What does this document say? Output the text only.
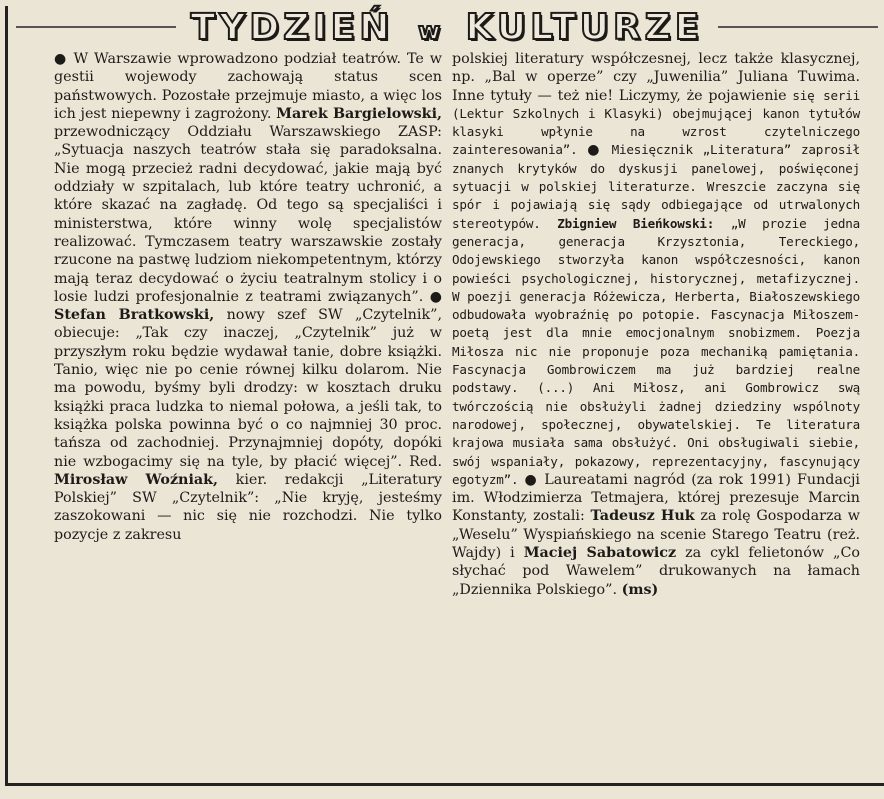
TYDZIEŃ w KULTURZE

● W Warszawie wprowadzono podział teatrów. Te w gestii wojewody zachowają status scen państwowych. Pozostałe przejmuje miasto, a więc los ich jest niepewny i zagrożony. Marek Bargielowski, przewodniczący Oddziału Warszawskiego ZASP: „Sytuacja naszych teatrów stała się paradoksalna. Nie mogą przecież radni decydować, jakie mają być oddziały w szpitalach, lub które teatry uchronić, a które skazać na zagładę. Od tego są specjaliści i ministerstwa, które winny wolę specjalistów realizować. Tymczasem teatry warszawskie zostały rzucone na pastwę ludziom niekompetentnym, którzy mają teraz decydować o życiu teatralnym stolicy i o losie ludzi profesjonalnie z teatrami związanych”. ● Stefan Bratkowski, nowy szef SW „Czytelnik”, obiecuje: „Tak czy inaczej, „Czytelnik” już w przyszłym roku będzie wydawał tanie, dobre książki. Tanio, więc nie po cenie równej kilku dolarom. Nie ma powodu, byśmy byli drodzy: w kosztach druku książki praca ludzka to niemal połowa, a jeśli tak, to książka polska powinna być o co najmniej 30 proc. tańsza od zachodniej. Przynajmniej dopóty, dopóki nie wzbogacimy się na tyle, by płacić więcej”. Red. Mirosław Woźniak, kier. redakcji „Literatury Polskiej” SW „Czytelnik”: „Nie kryję, jesteśmy zaszokowani — nic się nie rozchodzi. Nie tylko pozycje z zakresu

polskiej literatury współczesnej, lecz także klasycznej, np. „Bal w operze” czy „Juwenilia” Juliana Tuwima. Inne tytuły — też nie! Liczymy, że pojawienie się serii (Lektur Szkolnych i Klasyki) obejmującej kanon tytułów klasyki wpłynie na wzrost czytelniczego zainteresowania”. ● Miesięcznik „Literatura” zaprosił znanych krytyków do dyskusji panelowej, poświęconej sytuacji w polskiej literaturze. Wreszcie zaczyna się spór i pojawiają się sądy odbiegające od utrwalonych stereotypów. Zbigniew Bieńkowski: „W prozie jedna generacja, generacja Krzysztonia, Tereckiego, Odojewskiego stworzyła kanon współczesności, kanon powieści psychologicznej, historycznej, metafizycznej. W poezji generacja Różewicza, Herberta, Białoszewskiego odbudowała wyobraźnię po potopie. Fascynacja Miłoszem-poetą jest dla mnie emocjonalnym snobizmem. Poezja Miłosza nic nie proponuje poza mechaniką pamiętania. Fascynacja Gombrowiczem ma już bardziej realne podstawy. (...) Ani Miłosz, ani Gombrowicz swą twórczością nie obsłużyli żadnej dziedziny wspólnoty narodowej, społecznej, obywatelskiej. Te literatura krajowa musiała sama obsłużyć. Oni obsługiwali siebie, swój wspaniały, pokazowy, reprezentacyjny, fascynujący egotyzm”. ● Laureatami nagród (za rok 1991) Fundacji im. Włodzimierza Tetmajera, której prezesuje Marcin Konstanty, zostali: Tadeusz Huk za rolę Gospodarza w „Weselu” Wyspiańskiego na scenie Starego Teatru (reż. Wajdy) i Maciej Sabatowicz za cykl felietonów „Co słychać pod Wawelem” drukowanych na łamach „Dziennika Polskiego”. (ms)
